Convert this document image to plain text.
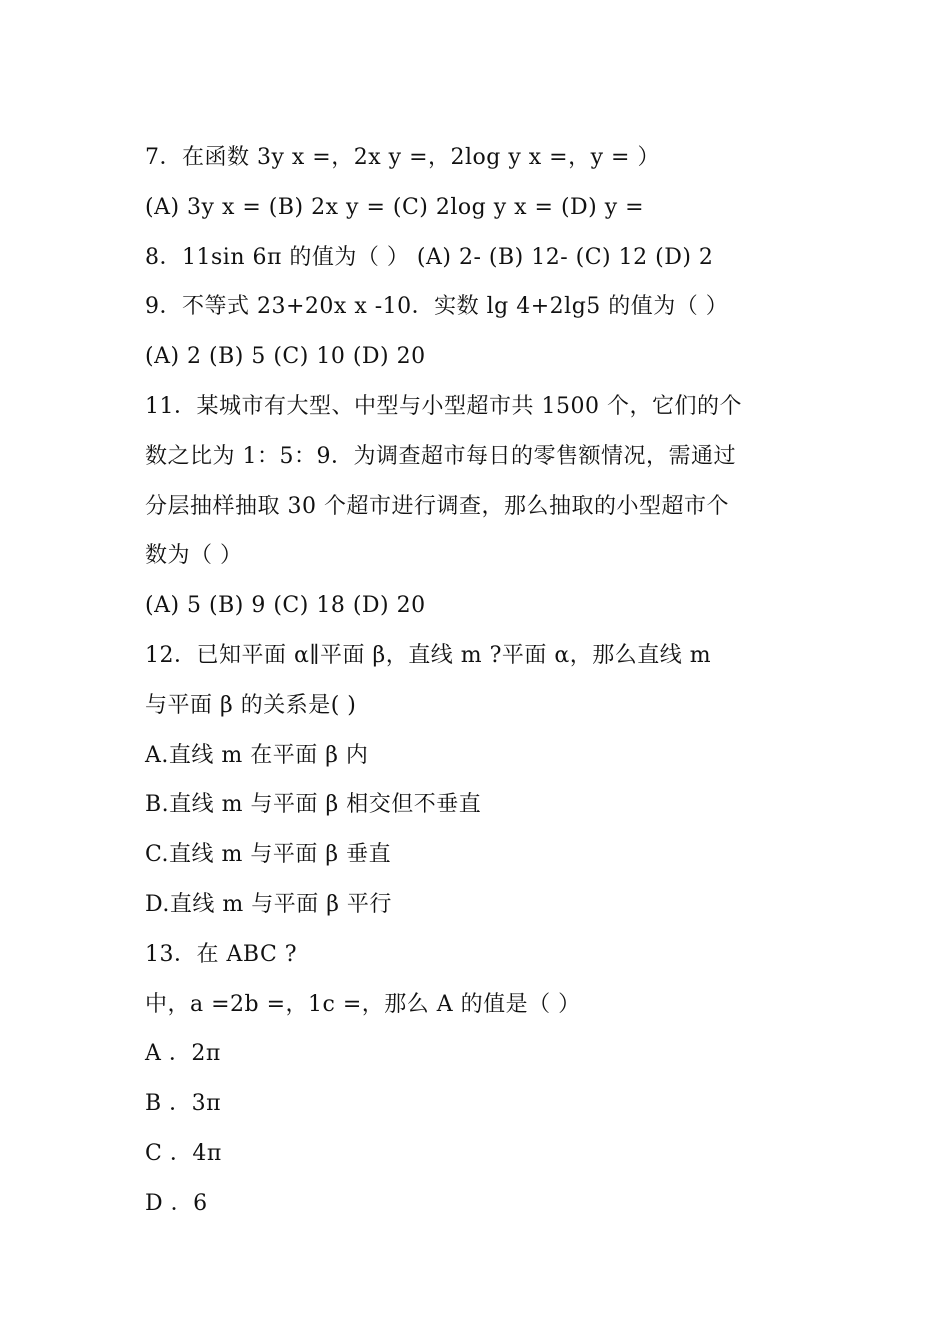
7．在函数 3y x =，2x y =，2log y x =，y = ）
(A) 3y x = (B) 2x y = (C) 2log y x = (D) y =
8．11sin 6π 的值为（ ） (A) 2- (B) 12- (C) 12 (D) 2
9．不等式 23+20x x -10．实数 lg 4+2lg5 的值为（ ）
(A) 2 (B) 5 (C) 10 (D) 20
11．某城市有大型、中型与小型超市共 1500 个，它们的个
数之比为 1：5：9．为调查超市每日的零售额情况，需通过
分层抽样抽取 30 个超市进行调查，那么抽取的小型超市个
数为（ ）
(A) 5 (B) 9 (C) 18 (D) 20
12．已知平面 α∥平面 β，直线 m ?平面 α，那么直线 m
与平面 β 的关系是( )
A.直线 m 在平面 β 内
B.直线 m 与平面 β 相交但不垂直
C.直线 m 与平面 β 垂直
D.直线 m 与平面 β 平行
13．在 ABC ?
中，a =2b =，1c =，那么 A 的值是（ ）
A ．2π
B ．3π
C ．4π
D ．6
